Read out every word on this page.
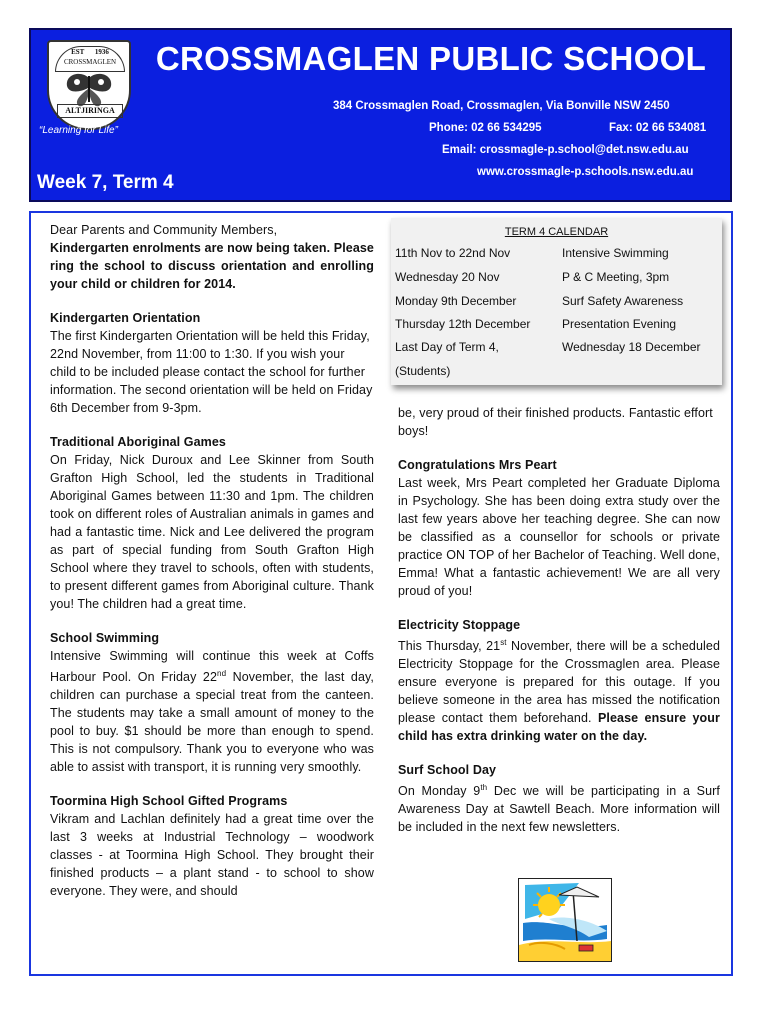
EST 1936
CROSSMAGLEN
ALTJIRINGA
CROSSMAGLEN PUBLIC SCHOOL
384 Crossmaglen Road, Crossmaglen, Via Bonville NSW 2450
“Learning for Life”	Phone: 02 66 534295	Fax: 02 66 534081
Email: crossmagle-p.school@det.nsw.edu.au
www.crossmagle-p.schools.nsw.edu.au
Week 7, Term 4

Dear Parents and Community Members,

Kindergarten enrolments are now being taken. Please ring the school to discuss orientation and enrolling your child or children for 2014.

Kindergarten Orientation

The first Kindergarten Orientation will be held this Friday, 22nd November, from 11:00 to 1:30. If you wish your child to be included please contact the school for further information. The second orientation will be held on Friday 6th December from 9-3pm.

Traditional Aboriginal Games

On Friday, Nick Duroux and Lee Skinner from South Grafton High School, led the students in Traditional Aboriginal Games between 11:30 and 1pm. The children took on different roles of Australian animals in games and had a fantastic time. Nick and Lee delivered the program as part of special funding from South Grafton High School where they travel to schools, often with students, to present different games from Aboriginal culture. Thank you! The children had a great time.

School Swimming

Intensive Swimming will continue this week at Coffs Harbour Pool. On Friday 22nd November, the last day, children can purchase a special treat from the canteen. The students may take a small amount of money to the pool to buy. $1 should be more than enough to spend. This is not compulsory. Thank you to everyone who was able to assist with transport, it is running very smoothly.

Toormina High School Gifted Programs

Vikram and Lachlan definitely had a great time over the last 3 weeks at Industrial Technology – woodwork classes - at Toormina High School. They brought their finished products – a plant stand - to school to show everyone. They were, and should

TERM 4 CALENDAR
11th Nov to 22nd Nov	Intensive Swimming
Wednesday 20 Nov	P & C Meeting, 3pm
Monday 9th December	Surf Safety Awareness
Thursday 12th December	Presentation Evening
Last Day of Term 4,	Wednesday 18 December
(Students)

be, very proud of their finished products. Fantastic effort boys!

Congratulations Mrs Peart

Last week, Mrs Peart completed her Graduate Diploma in Psychology. She has been doing extra study over the last few years above her teaching degree. She can now be classified as a counsellor for schools or private practice ON TOP of her Bachelor of Teaching. Well done, Emma! What a fantastic achievement! We are all very proud of you!

Electricity Stoppage

This Thursday, 21st November, there will be a scheduled Electricity Stoppage for the Crossmaglen area. Please ensure everyone is prepared for this outage. If you believe someone in the area has missed the notification please contact them beforehand. Please ensure your child has extra drinking water on the day.

Surf School Day

On Monday 9th Dec we will be participating in a Surf Awareness Day at Sawtell Beach. More information will be included in the next few newsletters.
